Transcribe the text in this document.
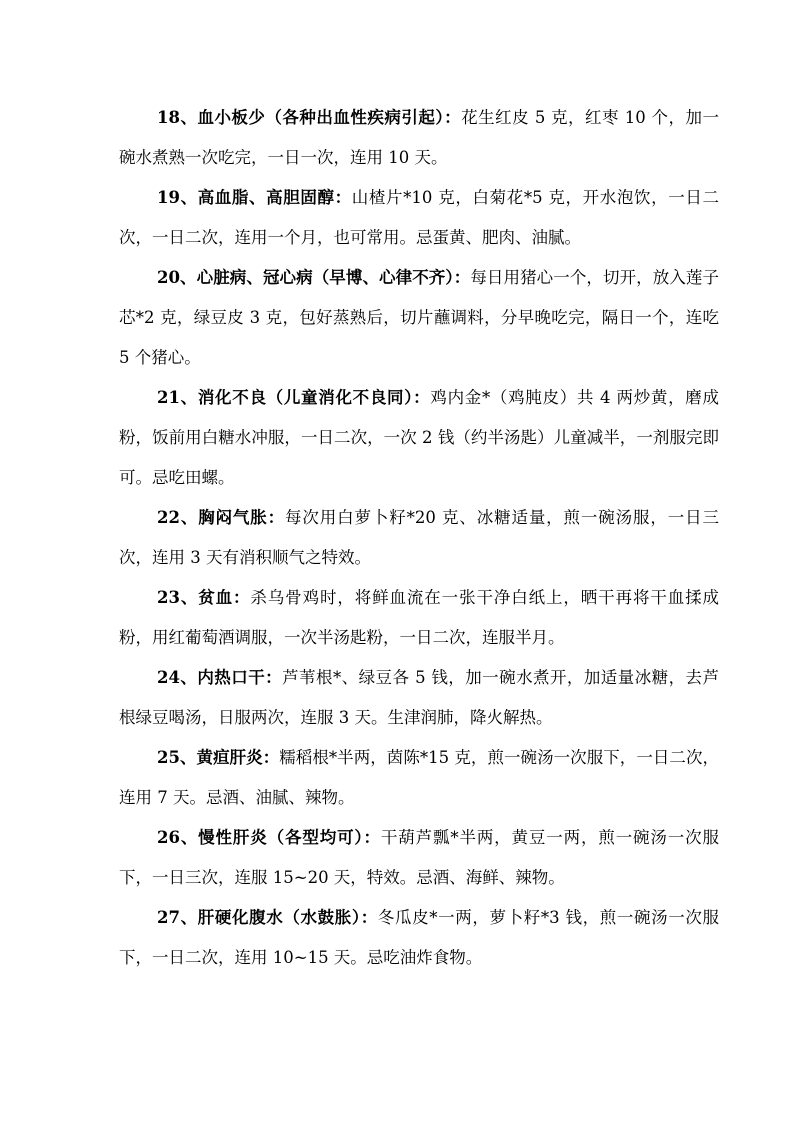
18、血小板少（各种出血性疾病引起）：花生红皮 5 克，红枣 10 个，加一碗水煮熟一次吃完，一日一次，连用 10 天。

19、高血脂、高胆固醇：山楂片*10 克，白菊花*5 克，开水泡饮，一日二次，一日二次，连用一个月，也可常用。忌蛋黄、肥肉、油腻。

20、心脏病、冠心病（早博、心律不齐）：每日用猪心一个，切开，放入莲子芯*2 克，绿豆皮 3 克，包好蒸熟后，切片蘸调料，分早晚吃完，隔日一个，连吃 5 个猪心。

21、消化不良（儿童消化不良同）：鸡内金*（鸡肫皮）共 4 两炒黄，磨成粉，饭前用白糖水冲服，一日二次，一次 2 钱（约半汤匙）儿童减半，一剂服完即可。忌吃田螺。

22、胸闷气胀：每次用白萝卜籽*20 克、冰糖适量，煎一碗汤服，一日三次，连用 3 天有消积顺气之特效。

23、贫血：杀乌骨鸡时，将鲜血流在一张干净白纸上，晒干再将干血揉成粉，用红葡萄酒调服，一次半汤匙粉，一日二次，连服半月。

24、内热口干：芦苇根*、绿豆各 5 钱，加一碗水煮开，加适量冰糖，去芦根绿豆喝汤，日服两次，连服 3 天。生津润肺，降火解热。

25、黄疸肝炎：糯稻根*半两，茵陈*15 克，煎一碗汤一次服下，一日二次，连用 7 天。忌酒、油腻、辣物。

26、慢性肝炎（各型均可）：干葫芦瓢*半两，黄豆一两，煎一碗汤一次服下，一日三次，连服 15~20 天，特效。忌酒、海鲜、辣物。

27、肝硬化腹水（水鼓胀）：冬瓜皮*一两，萝卜籽*3 钱，煎一碗汤一次服下，一日二次，连用 10~15 天。忌吃油炸食物。
